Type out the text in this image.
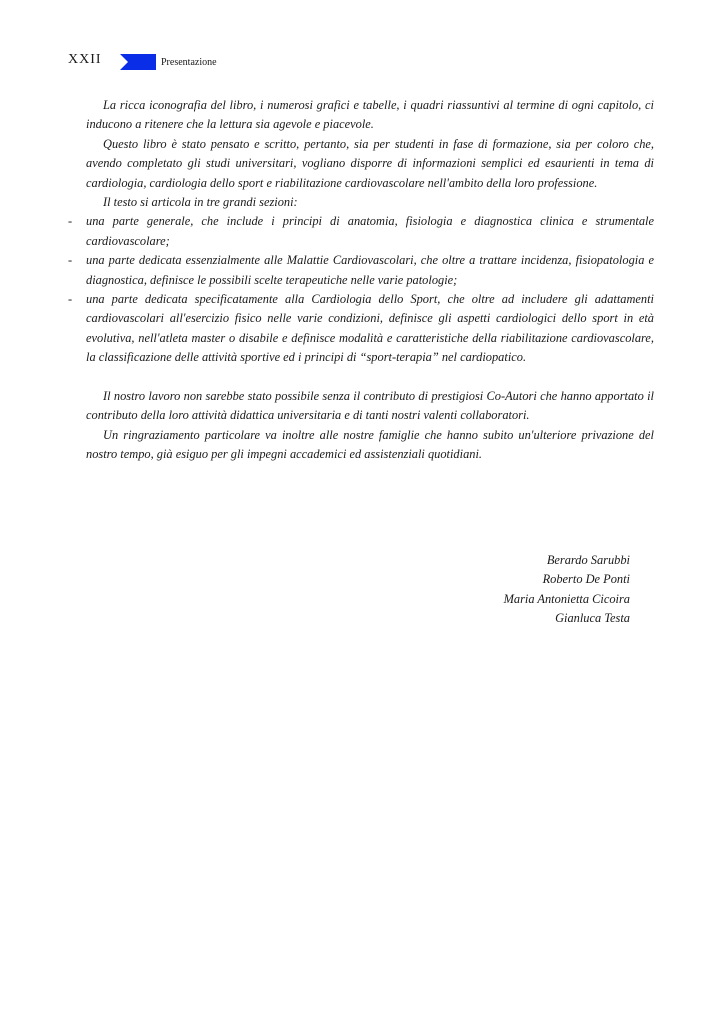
XXII	Presentazione

La ricca iconografia del libro, i numerosi grafici e tabelle, i quadri riassuntivi al termine di ogni capitolo, ci inducono a ritenere che la lettura sia agevole e piacevole.

Questo libro è stato pensato e scritto, pertanto, sia per studenti in fase di formazione, sia per coloro che, avendo completato gli studi universitari, vogliano disporre di informazioni semplici ed esaurienti in tema di cardiologia, cardiologia dello sport e riabilitazione cardiovascolare nell'ambito della loro professione.

Il testo si articola in tre grandi sezioni:

- una parte generale, che include i principi di anatomia, fisiologia e diagnostica clinica e strumentale cardiovascolare;
- una parte dedicata essenzialmente alle Malattie Cardiovascolari, che oltre a trattare incidenza, fisiopatologia e diagnostica, definisce le possibili scelte terapeutiche nelle varie patologie;
- una parte dedicata specificatamente alla Cardiologia dello Sport, che oltre ad includere gli adattamenti cardiovascolari all'esercizio fisico nelle varie condizioni, definisce gli aspetti cardiologici dello sport in età evolutiva, nell'atleta master o disabile e definisce modalità e caratteristiche della riabilitazione cardiovascolare, la classificazione delle attività sportive ed i principi di “sport-terapia” nel cardiopatico.

Il nostro lavoro non sarebbe stato possibile senza il contributo di prestigiosi Co-Autori che hanno apportato il contributo della loro attività didattica universitaria e di tanti nostri valenti collaboratori.

Un ringraziamento particolare va inoltre alle nostre famiglie che hanno subito un'ulteriore privazione del nostro tempo, già esiguo per gli impegni accademici ed assistenziali quotidiani.

Berardo Sarubbi
Roberto De Ponti
Maria Antonietta Cicoira
Gianluca Testa
